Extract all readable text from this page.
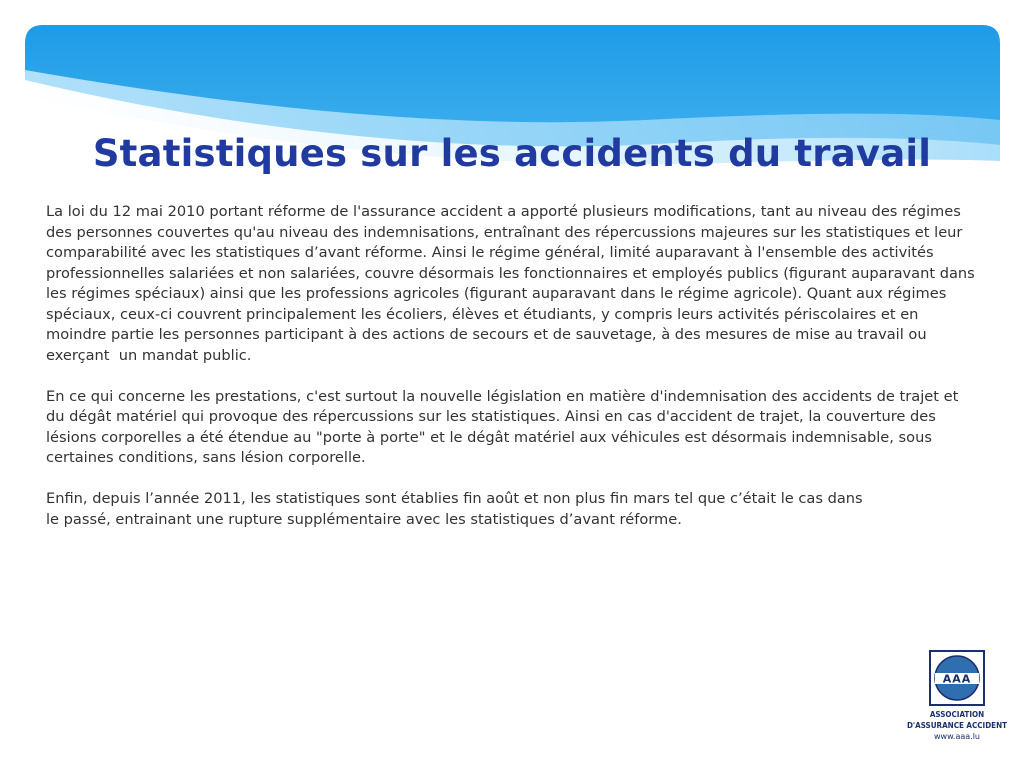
Statistiques sur les accidents du travail

La loi du 12 mai 2010 portant réforme de l'assurance accident a apporté plusieurs modifications, tant au niveau des régimes des personnes couvertes qu'au niveau des indemnisations, entraînant des répercussions majeures sur les statistiques et leur comparabilité avec les statistiques d’avant réforme. Ainsi le régime général, limité auparavant à l'ensemble des activités professionnelles salariées et non salariées, couvre désormais les fonctionnaires et employés publics (figurant auparavant dans les régimes spéciaux) ainsi que les professions agricoles (figurant auparavant dans le régime agricole). Quant aux régimes spéciaux, ceux-ci couvrent principalement les écoliers, élèves et étudiants, y compris leurs activités périscolaires et en moindre partie les personnes participant à des actions de secours et de sauvetage, à des mesures de mise au travail ou  exerçant  un mandat public.

En ce qui concerne les prestations, c'est surtout la nouvelle législation en matière d'indemnisation des accidents de trajet et du dégât matériel qui provoque des répercussions sur les statistiques. Ainsi en cas d'accident de trajet, la couverture des lésions corporelles a été étendue au "porte à porte" et le dégât matériel aux véhicules est désormais indemnisable, sous certaines conditions, sans lésion corporelle.

Enfin, depuis l’année 2011, les statistiques sont établies fin août et non plus fin mars tel que c’était le cas dans le passé, entrainant une rupture supplémentaire avec les statistiques d’avant réforme.

AAA
ASSOCIATION
D'ASSURANCE ACCIDENT
www.aaa.lu
